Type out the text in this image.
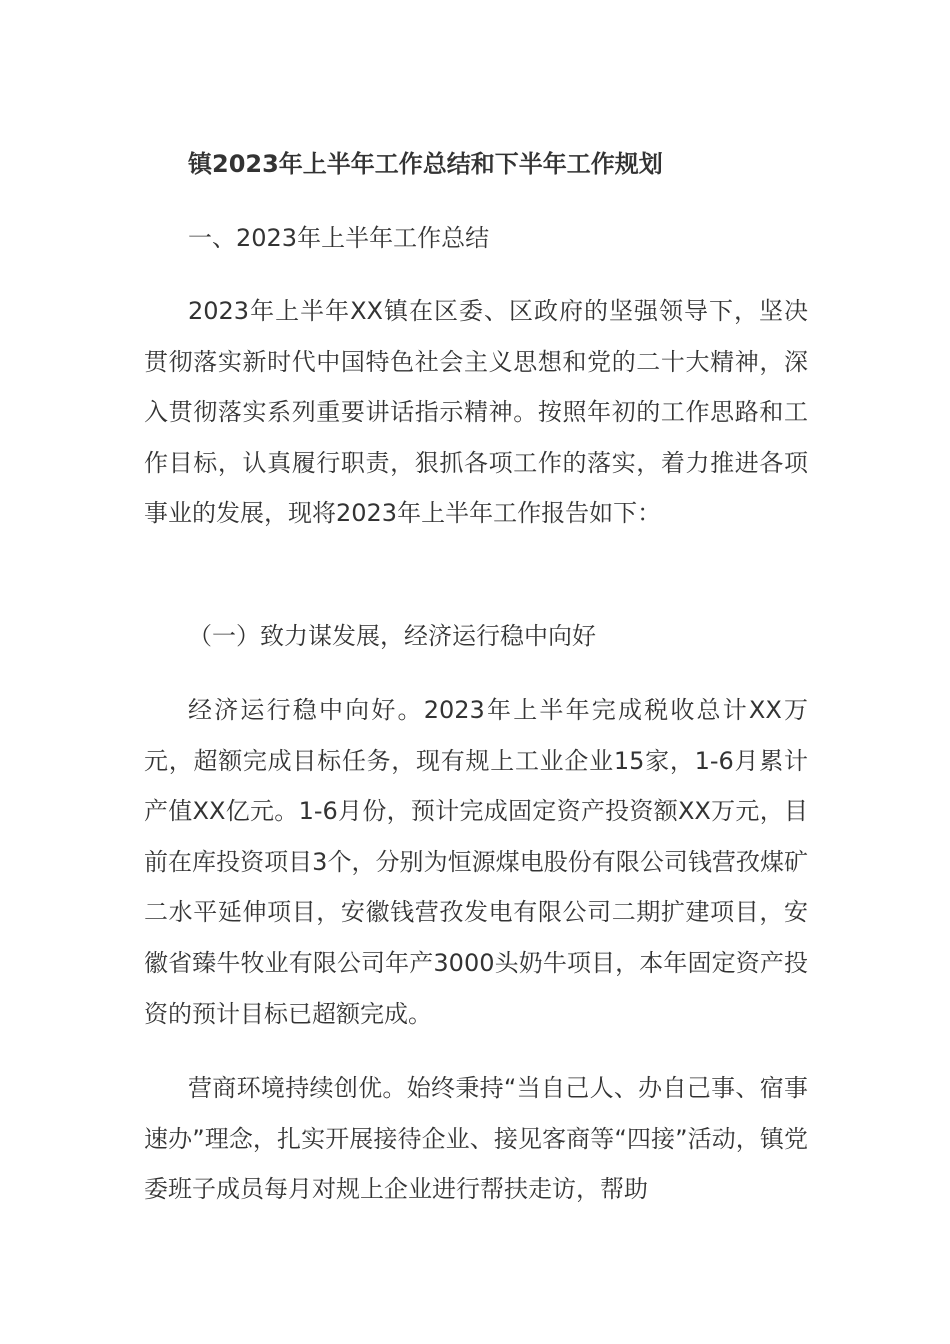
镇2023年上半年工作总结和下半年工作规划
一、2023年上半年工作总结
2023年上半年XX镇在区委、区政府的坚强领导下，坚决贯彻落实新时代中国特色社会主义思想和党的二十大精神，深入贯彻落实系列重要讲话指示精神。按照年初的工作思路和工作目标，认真履行职责，狠抓各项工作的落实，着力推进各项事业的发展，现将2023年上半年工作报告如下：
（一）致力谋发展，经济运行稳中向好
经济运行稳中向好。2023年上半年完成税收总计XX万元，超额完成目标任务，现有规上工业企业15家，1-6月累计产值XX亿元。1-6月份，预计完成固定资产投资额XX万元，目前在库投资项目3个，分别为恒源煤电股份有限公司钱营孜煤矿二水平延伸项目，安徽钱营孜发电有限公司二期扩建项目，安徽省臻牛牧业有限公司年产3000头奶牛项目，本年固定资产投资的预计目标已超额完成。
营商环境持续创优。始终秉持“当自己人、办自己事、宿事速办”理念，扎实开展接待企业、接见客商等“四接”活动，镇党委班子成员每月对规上企业进行帮扶走访，帮助
